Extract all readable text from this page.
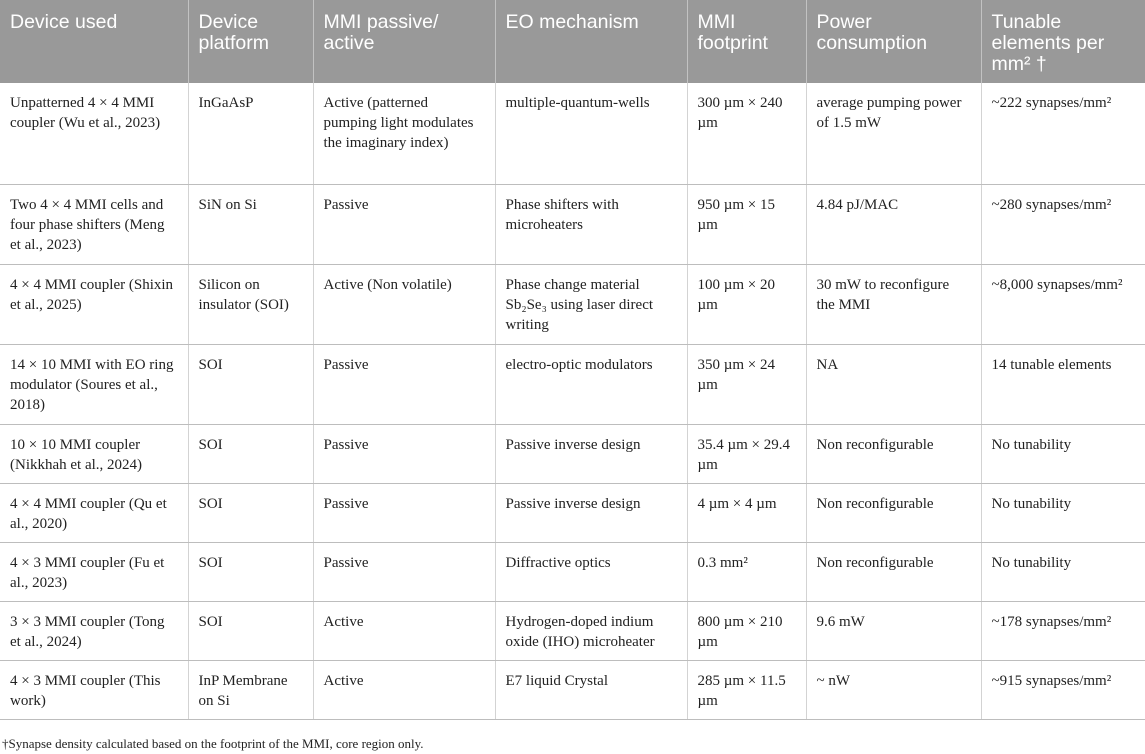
Device used	Device platform	MMI passive/ active	EO mechanism	MMI footprint	Power consumption	Tunable elements per mm² †
Unpatterned 4 × 4 MMI coupler (Wu et al., 2023)	InGaAsP	Active (patterned pumping light modulates the imaginary index)	multiple-quantum-wells	300 µm × 240 µm	average pumping power of 1.5 mW	~222 synapses/mm²
Two 4 × 4 MMI cells and four phase shifters (Meng et al., 2023)	SiN on Si	Passive	Phase shifters with microheaters	950 µm × 15 µm	4.84 pJ/MAC	~280 synapses/mm²
4 × 4 MMI coupler (Shixin et al., 2025)	Silicon on insulator (SOI)	Active (Non volatile)	Phase change material Sb₂Se₃ using laser direct writing	100 µm × 20 µm	30 mW to reconfigure the MMI	~8,000 synapses/mm²
14 × 10 MMI with EO ring modulator (Soures et al., 2018)	SOI	Passive	electro-optic modulators	350 µm × 24 µm	NA	14 tunable elements
10 × 10 MMI coupler (Nikkhah et al., 2024)	SOI	Passive	Passive inverse design	35.4 µm × 29.4 µm	Non reconfigurable	No tunability
4 × 4 MMI coupler (Qu et al., 2020)	SOI	Passive	Passive inverse design	4 µm × 4 µm	Non reconfigurable	No tunability
4 × 3 MMI coupler (Fu et al., 2023)	SOI	Passive	Diffractive optics	0.3 mm²	Non reconfigurable	No tunability
3 × 3 MMI coupler (Tong et al., 2024)	SOI	Active	Hydrogen-doped indium oxide (IHO) microheater	800 µm × 210 µm	9.6 mW	~178 synapses/mm²
4 × 3 MMI coupler (This work)	InP Membrane on Si	Active	E7 liquid Crystal	285 µm × 11.5 µm	~ nW	~915 synapses/mm²
†Synapse density calculated based on the footprint of the MMI, core region only.
